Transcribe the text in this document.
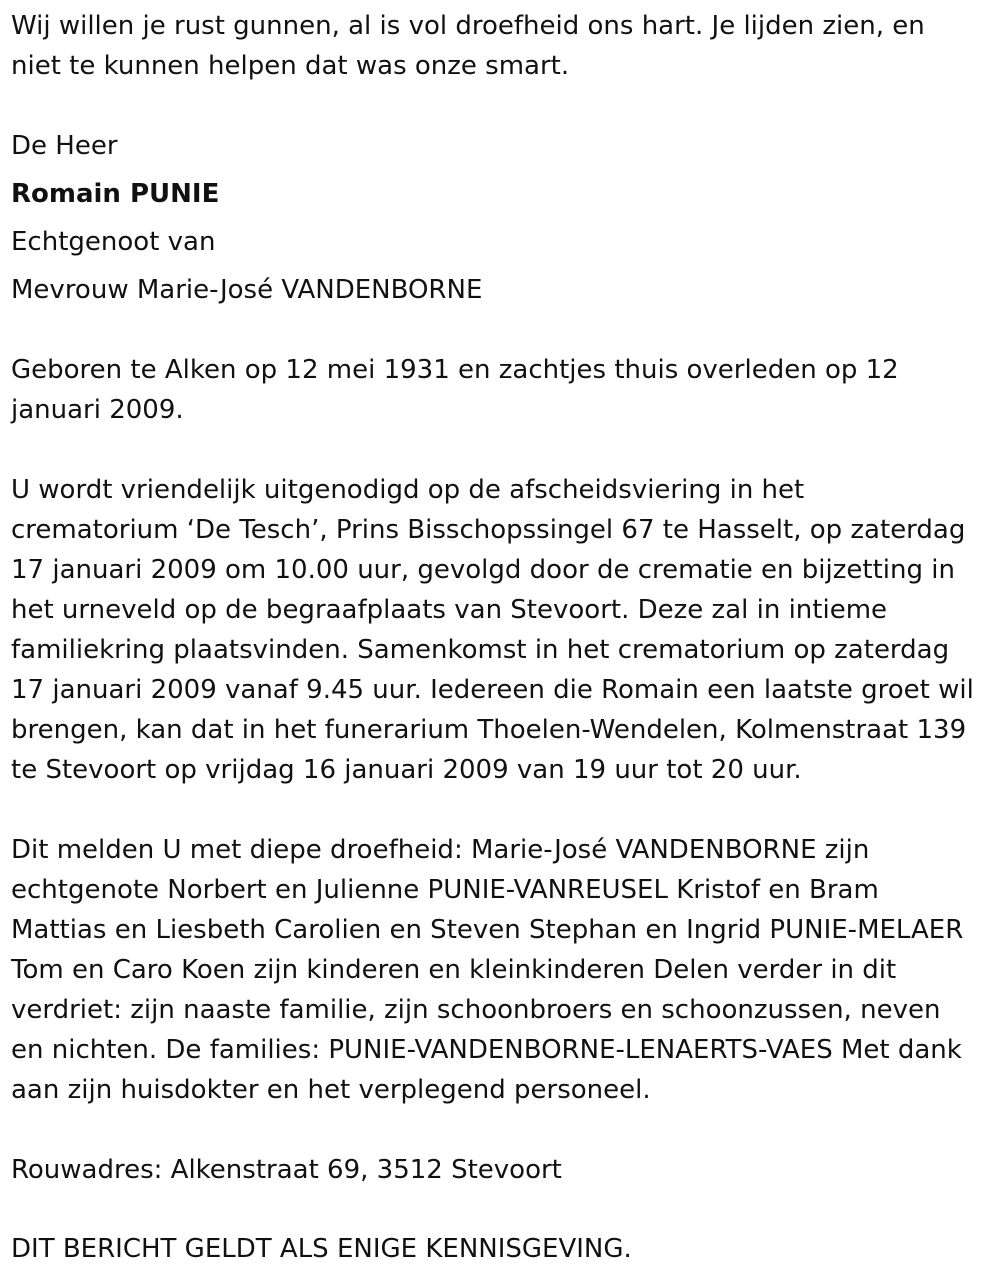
Wij willen je rust gunnen, al is vol droefheid ons hart. Je lijden zien, en
niet te kunnen helpen dat was onze smart.
De Heer
Romain PUNIE
Echtgenoot van
Mevrouw Marie-José VANDENBORNE
Geboren te Alken op 12 mei 1931 en zachtjes thuis overleden op 12
januari 2009.
U wordt vriendelijk uitgenodigd op de afscheidsviering in het
crematorium ‘De Tesch’, Prins Bisschopssingel 67 te Hasselt, op zaterdag
17 januari 2009 om 10.00 uur, gevolgd door de crematie en bijzetting in
het urneveld op de begraafplaats van Stevoort. Deze zal in intieme
familiekring plaatsvinden. Samenkomst in het crematorium op zaterdag
17 januari 2009 vanaf 9.45 uur. Iedereen die Romain een laatste groet wil
brengen, kan dat in het funerarium Thoelen-Wendelen, Kolmenstraat 139
te Stevoort op vrijdag 16 januari 2009 van 19 uur tot 20 uur.
Dit melden U met diepe droefheid: Marie-José VANDENBORNE zijn
echtgenote Norbert en Julienne PUNIE-VANREUSEL Kristof en Bram
Mattias en Liesbeth Carolien en Steven Stephan en Ingrid PUNIE-MELAER
Tom en Caro Koen zijn kinderen en kleinkinderen Delen verder in dit
verdriet: zijn naaste familie, zijn schoonbroers en schoonzussen, neven
en nichten. De families: PUNIE-VANDENBORNE-LENAERTS-VAES Met dank
aan zijn huisdokter en het verplegend personeel.
Rouwadres: Alkenstraat 69, 3512 Stevoort
DIT BERICHT GELDT ALS ENIGE KENNISGEVING.
